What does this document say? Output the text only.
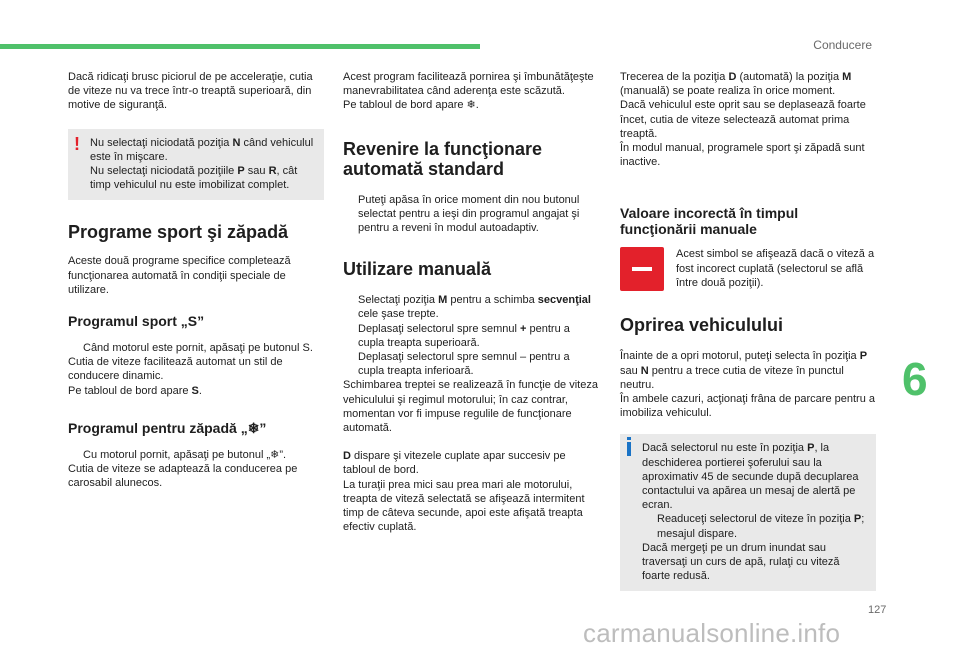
Conducere

Dacă ridicaţi brusc piciorul de pe acceleraţie, cutia de viteze nu va trece într-o treaptă superioară, din motive de siguranţă.

! Nu selectaţi niciodată poziţia N când vehiculul este în mişcare.
Nu selectaţi niciodată poziţiile P sau R, cât timp vehiculul nu este imobilizat complet.
Programe sport şi zăpadă

Aceste două programe specifice completează funcţionarea automată în condiţii speciale de utilizare.

Programul sport „S”
Când motorul este pornit, apăsaţi pe butonul S.
Cutia de viteze facilitează automat un stil de conducere dinamic.

Pe tabloul de bord apare S.

Programul pentru zăpadă „❄”
Cu motorul pornit, apăsaţi pe butonul „❄”.
Cutia de viteze se adaptează la conducerea pe carosabil alunecos.
Acest program facilitează pornirea şi îmbunătăţeşte manevrabilitatea când aderenţa este scăzută.

Pe tabloul de bord apare ❄.

Revenire la funcţionare automată standard
Puteţi apăsa în orice moment din nou butonul selectat pentru a ieşi din programul angajat şi pentru a reveni în modul autoadaptiv.
Utilizare manuală
Selectaţi poziţia M pentru a schimba secvenţial cele şase trepte.
Deplasaţi selectorul spre semnul + pentru a cupla treapta superioară.
Deplasaţi selectorul spre semnul – pentru a cupla treapta inferioară.

Schimbarea treptei se realizează în funcţie de viteza vehiculului şi regimul motorului; în caz contrar, momentan vor fi impuse regulile de funcţionare automată.

D dispare şi vitezele cuplate apar succesiv pe tabloul de bord.
La turaţii prea mici sau prea mari ale motorului, treapta de viteză selectată se afişează intermitent timp de câteva secunde, apoi este afişată treapta efectiv cuplată.
Trecerea de la poziţia D (automată) la poziţia M (manuală) se poate realiza în orice moment.
Dacă vehiculul este oprit sau se deplasează foarte încet, cutia de viteze selectează automat prima treaptă.

În modul manual, programele sport şi zăpadă sunt inactive.

Valoare incorectă în timpul funcţionării manuale
Acest simbol se afişează dacă o viteză a fost incorect cuplată (selectorul se află între două poziţii).
Oprirea vehiculului
Înainte de a opri motorul, puteţi selecta în poziţia P sau N pentru a trece cutia de viteze în punctul neutru.

În ambele cazuri, acţionaţi frâna de parcare pentru a imobiliza vehiculul.

Dacă selectorul nu este în poziţia P, la deschiderea portierei şoferului sau la aproximativ 45 de secunde după decuplarea contactului va apărea un mesaj de alertă pe ecran.
Readuceţi selectorul de viteze în poziţia P; mesajul dispare.
Dacă mergeţi pe un drum inundat sau traversaţi un curs de apă, rulaţi cu viteză foarte redusă.
6
127
carmanualsonline.info
